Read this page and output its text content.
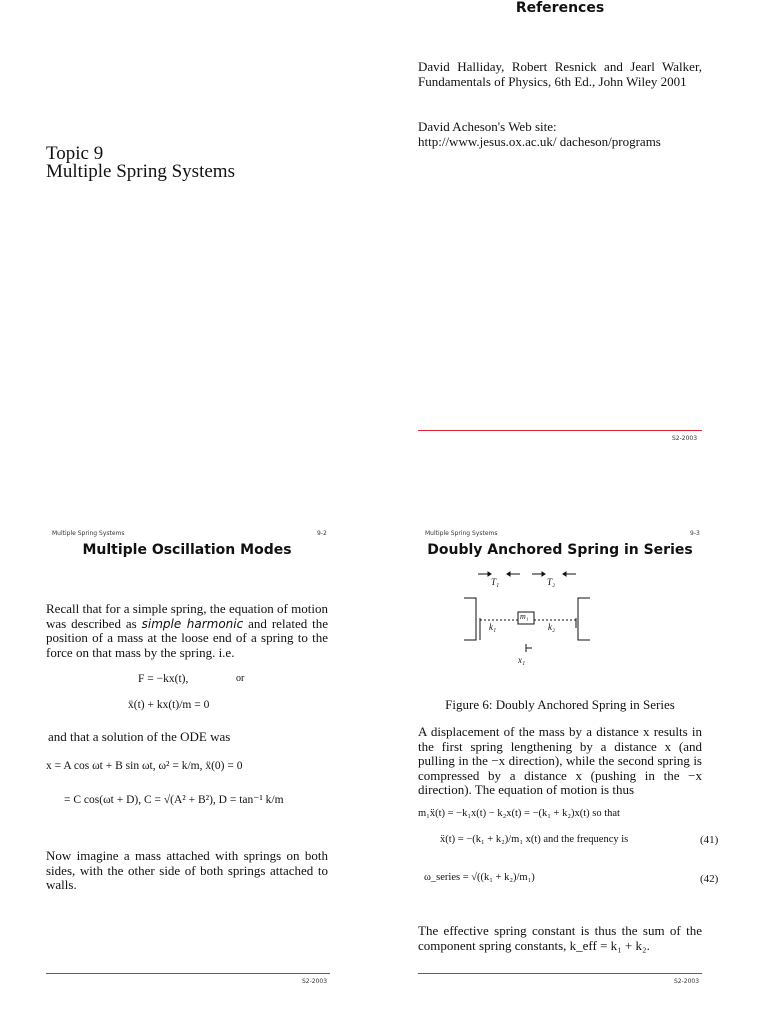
Topic 9
Multiple Spring Systems
References
David Halliday, Robert Resnick and Jearl Walker, Fundamentals of Physics, 6th Ed., John Wiley 2001
David Acheson's Web site:
http://www.jesus.ox.ac.uk/ dacheson/programs
S2-2003
Multiple Spring Systems	9-2
Multiple Oscillation Modes
Recall that for a simple spring, the equation of motion was described as simple harmonic and related the position of a mass at the loose end of a spring to the force on that mass by the spring. i.e.
F = −kx(t),	or
ẍ(t) + kx(t)/m = 0
and that a solution of the ODE was
x = A cos ωt + B sin ωt, ω² = k/m, ẍ(0) = 0
= C cos(ωt + D), C = √(A² + B²), D = tan⁻¹ k/m
Now imagine a mass attached with springs on both sides, with the other side of both springs attached to walls.
S2-2003
Multiple Spring Systems	9-3
Doubly Anchored Spring in Series
T₁	T₂
k₁	k₂
m₁
x₁
Figure 6: Doubly Anchored Spring in Series
A displacement of the mass by a distance x results in the first spring lengthening by a distance x (and pulling in the −x direction), while the second spring is compressed by a distance x (pushing in the −x direction). The equation of motion is thus
m₁ẍ(t) = −k₁x(t) − k₂x(t) = −(k₁ + k₂)x(t) so that
ẍ(t) = −(k₁ + k₂)/m₁ x(t) and the frequency is	(41)
ω_series = √((k₁ + k₂)/m₁)	(42)
The effective spring constant is thus the sum of the component spring constants, k_eff = k₁ + k₂.
S2-2003
